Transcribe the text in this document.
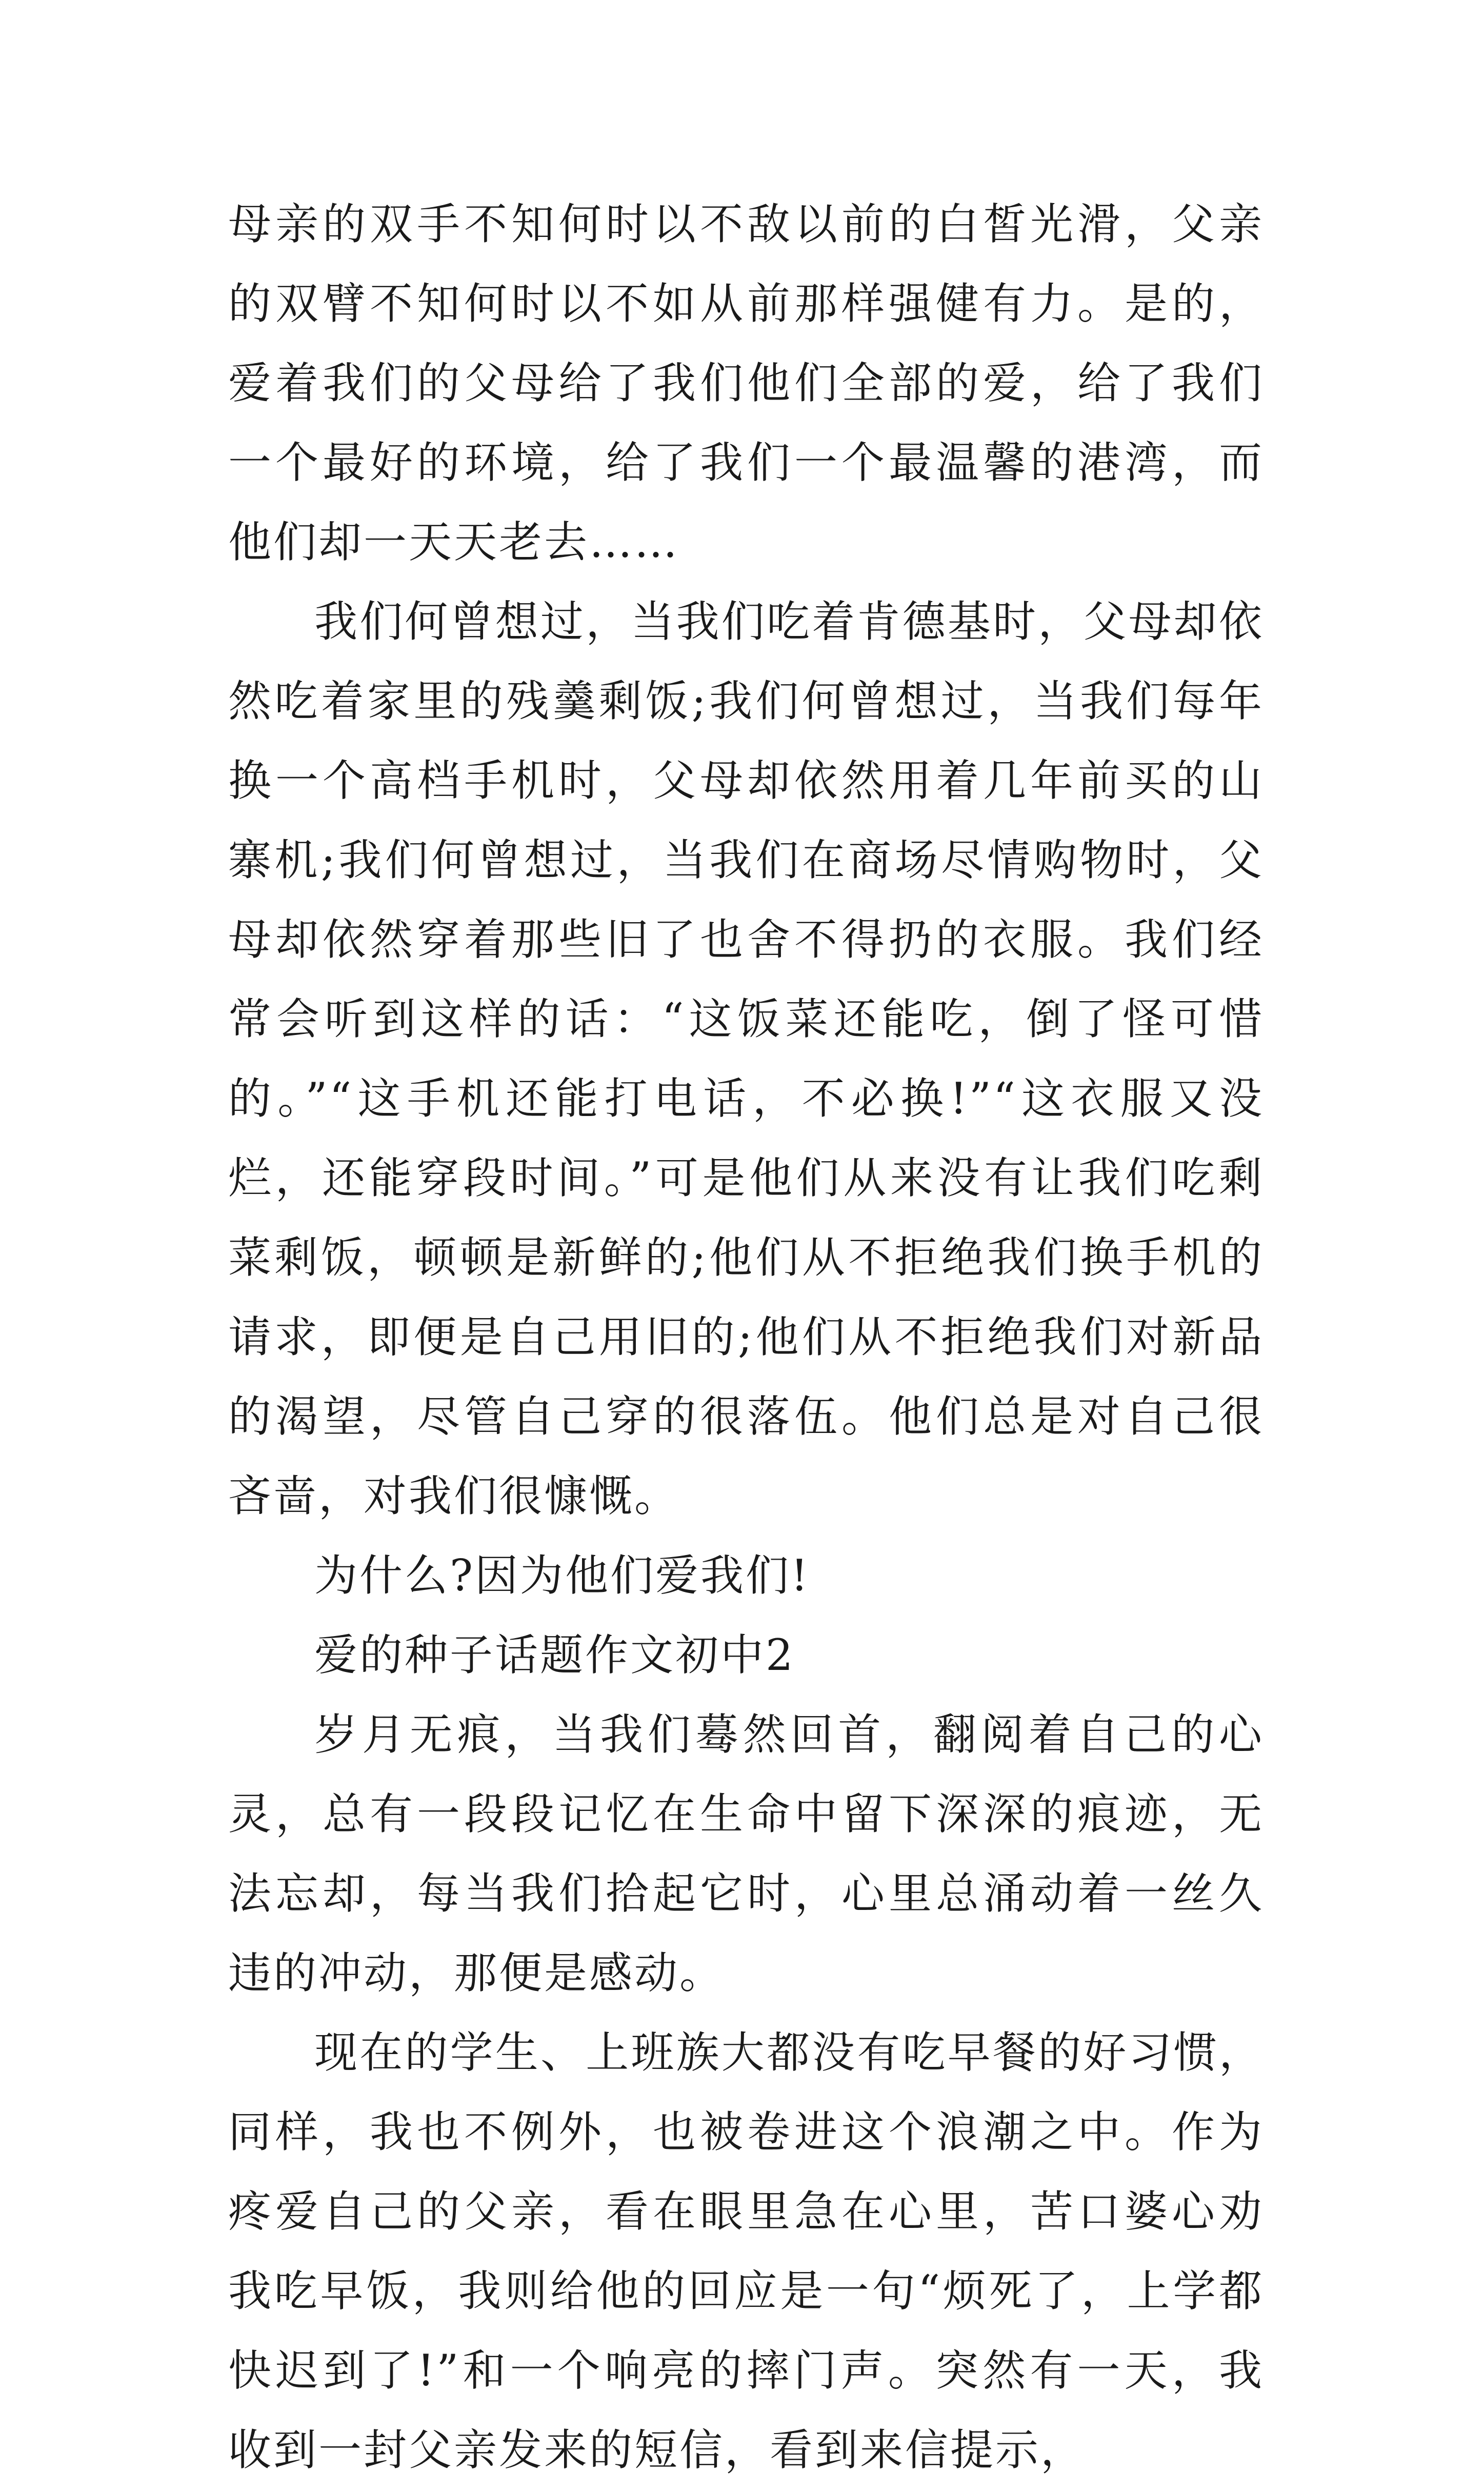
母亲的双手不知何时以不敌以前的白皙光滑，父亲的双臂不知何时以不如从前那样强健有力。是的，爱着我们的父母给了我们他们全部的爱，给了我们一个最好的环境，给了我们一个最温馨的港湾，而他们却一天天老去……

我们何曾想过，当我们吃着肯德基时，父母却依然吃着家里的残羹剩饭;我们何曾想过，当我们每年换一个高档手机时，父母却依然用着几年前买的山寨机;我们何曾想过，当我们在商场尽情购物时，父母却依然穿着那些旧了也舍不得扔的衣服。我们经常会听到这样的话：“这饭菜还能吃，倒了怪可惜的。”“这手机还能打电话，不必换!”“这衣服又没烂，还能穿段时间。”可是他们从来没有让我们吃剩菜剩饭，顿顿是新鲜的;他们从不拒绝我们换手机的请求，即便是自己用旧的;他们从不拒绝我们对新品的渴望，尽管自己穿的很落伍。他们总是对自己很吝啬，对我们很慷慨。

为什么?因为他们爱我们!

爱的种子话题作文初中2

岁月无痕，当我们蓦然回首，翻阅着自己的心灵，总有一段段记忆在生命中留下深深的痕迹，无法忘却，每当我们拾起它时，心里总涌动着一丝久违的冲动，那便是感动。

现在的学生、上班族大都没有吃早餐的好习惯，同样，我也不例外，也被卷进这个浪潮之中。作为疼爱自己的父亲，看在眼里急在心里，苦口婆心劝我吃早饭，我则给他的回应是一句“烦死了，上学都快迟到了!”和一个响亮的摔门声。突然有一天，我收到一封父亲发来的短信，看到来信提示，
